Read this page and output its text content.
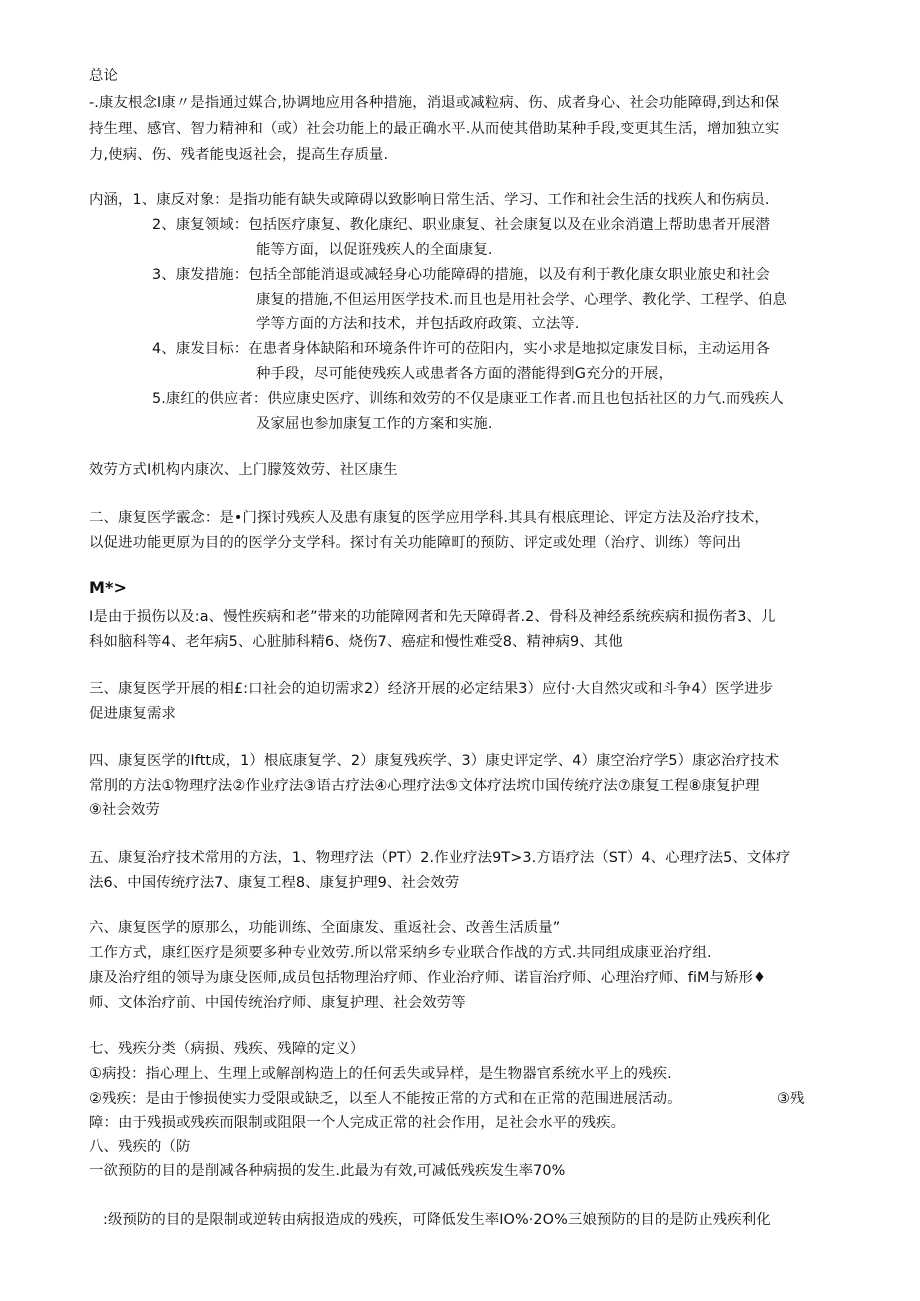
总论
-.康友根念I康〃是指通过媒合,协调地应用各种措施，消退或减粒病、伤、成者身心、社会功能障碍,到达和保
持生理、感官、智力精神和（或）社会功能上的最正确水平.从而使其借助某种手段,变更其生活，增加独立实
力,使病、伤、残者能曳返社会，提高生存质量.
内涵，1、康反对象：是指功能有缺失或障碍以致影响日常生活、学习、工作和社会生活的找疾人和伤病员.
2、康复领域：包括医疗康复、教化康纪、职业康复、社会康复以及在业余消遣上帮助患者开展潜
能等方面，以促诳残疾人的全面康复.
3、康发措施：包括全部能消退或减轻身心功能障碍的措施，以及有利于教化康女职业旅史和社会
康复的措施,不但运用医学技术.而且也是用社会学、心理学、教化学、工程学、伯息
学等方面的方法和技术，并包括政府政策、立法等.
4、康发目标：在患者身体缺陷和环境条件许可的莅阳内，实小求是地拟定康发目标，主动运用各
种手段，尽可能使残疾人或患者各方面的潜能得到G充分的开展，
5.康红的供应者：供应康史医疗、训练和效劳的不仅是康亚工作者.而且也包括社区的力气.而残疾人
及家屈也参加康复工作的方案和实施.
效劳方式I机构内康次、上门朦笈效劳、社区康生
二、康复医学霰念：是•门探讨残疾人及患有康复的医学应用学科.其具有根底理论、评定方法及治疗技术，
以促进功能更原为目的的医学分支学科。探讨有关功能障町的预防、评定或处理（治疗、训练）等问出
M*>
I是由于损伤以及:a、慢性疾病和老”带来的功能障网者和先天障碍者.2、骨科及神经系统疾病和损伤者3、儿
科如脑科等4、老年病5、心脏肺科精6、烧伤7、癌症和慢性难受8、精神病9、其他
三、康复医学开展的相£:口社会的迫切需求2）经济开展的必定结果3）应付·大自然灾或和斗争4）医学进步
促进康复需求
四、康复医学的Iftt成，1）根底康复学、2）康复残疾学、3）康史评定学、4）康空治疗学5）康宓治疗技术
常刖的方法①物理疗法②作业疗法③语古疗法④心理疗法⑤文体疗法㙀巾国传统疗法⑦康复工程⑧康复护理
⑨社会效劳
五、康复治疗技术常用的方法，1、物理疗法（PT）2.作业疗法9T>3.方语疗法（ST）4、心理疗法5、文体疗
法6、中国传统疗法7、康复工程8、康复护理9、社会效劳
六、康复医学的原那么，功能训练、全面康发、重返社会、改善生活质量”
工作方式，康红医疗是须要多种专业效劳.所以常采纳乡专业联合作战的方式.共同组成康亚治疗组.
康及治疗组的领导为康殳医师,成员包括物理治疗师、作业治疗师、诺盲治疗师、心理治疗师、fiM与矫形♦
师、文体治疗前、中国传统治疗师、康复护理、社会效劳等
七、残疾分类（病损、残疾、残障的定义）
①病投：指心理上、生理上或解剖构造上的任何丢失或异样，是生物器官系统水平上的残疾.
②残疾：是由于惨损使实力受限或缺乏，以至人不能按正常的方式和在正常的范围进展活动。	③残
障：由于残损或残疾而限制或阻限一个人完成正常的社会作用，足社会水平的残疾。
八、残疾的（防
一欲预防的目的是削减各种病损的发生.此最为有效,可减低残疾发生率70%
:级预防的目的是限制或逆转由病报造成的残疾，可降低发生率IO%·2O%三娘预防的目的是防止残疾利化
